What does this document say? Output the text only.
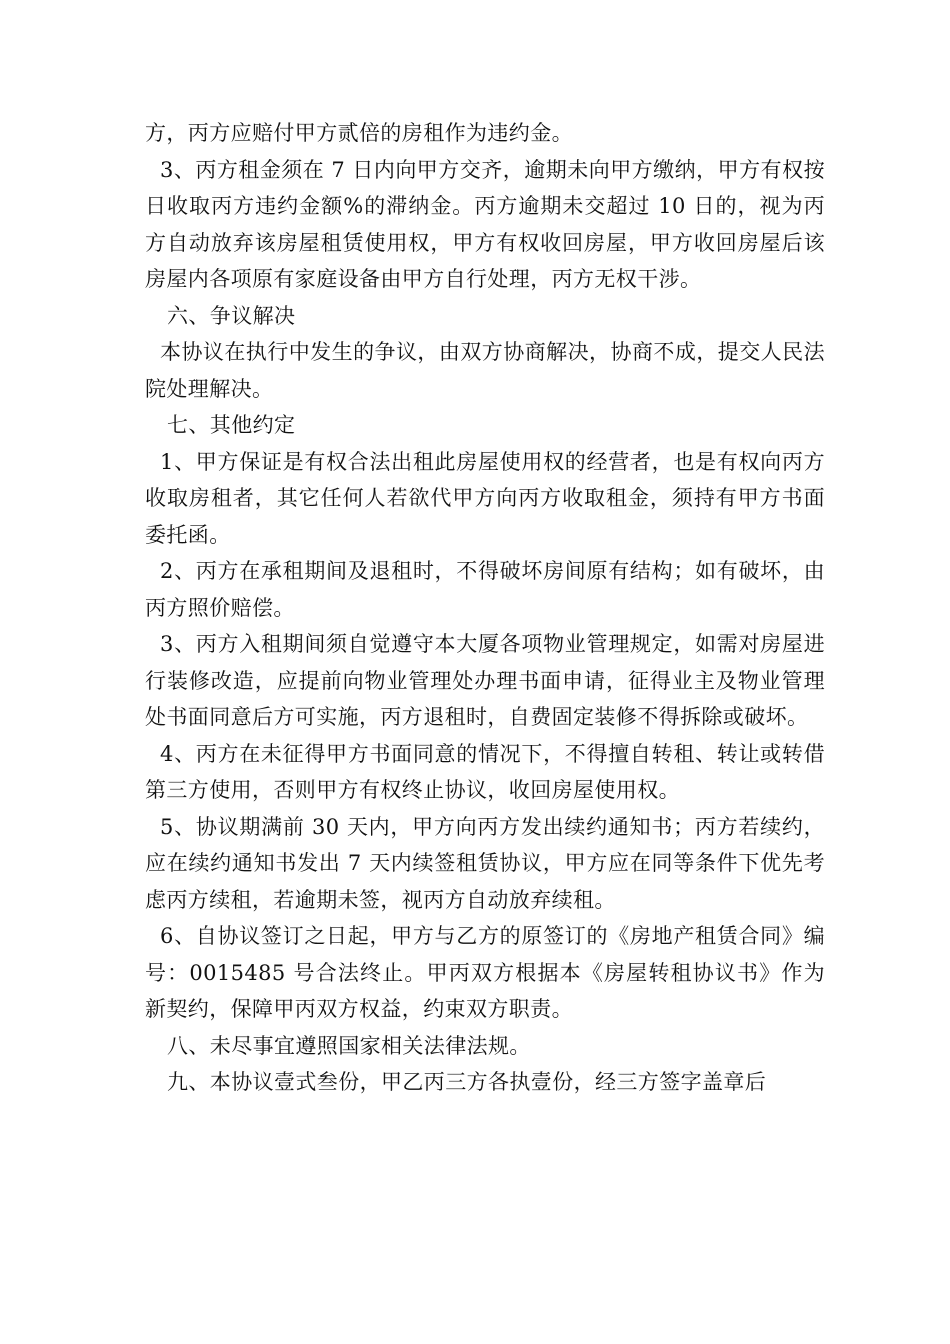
方，丙方应赔付甲方贰倍的房租作为违约金。

3、丙方租金须在 7 日内向甲方交齐，逾期未向甲方缴纳，甲方有权按日收取丙方违约金额%的滞纳金。丙方逾期未交超过 10 日的，视为丙方自动放弃该房屋租赁使用权，甲方有权收回房屋，甲方收回房屋后该房屋内各项原有家庭设备由甲方自行处理，丙方无权干涉。

六、争议解决

本协议在执行中发生的争议，由双方协商解决，协商不成，提交人民法院处理解决。

七、其他约定

1、甲方保证是有权合法出租此房屋使用权的经营者，也是有权向丙方收取房租者，其它任何人若欲代甲方向丙方收取租金，须持有甲方书面委托函。

2、丙方在承租期间及退租时，不得破坏房间原有结构；如有破坏，由丙方照价赔偿。

3、丙方入租期间须自觉遵守本大厦各项物业管理规定，如需对房屋进行装修改造，应提前向物业管理处办理书面申请，征得业主及物业管理处书面同意后方可实施，丙方退租时，自费固定装修不得拆除或破坏。

4、丙方在未征得甲方书面同意的情况下，不得擅自转租、转让或转借第三方使用，否则甲方有权终止协议，收回房屋使用权。

5、协议期满前 30 天内，甲方向丙方发出续约通知书；丙方若续约，应在续约通知书发出 7 天内续签租赁协议，甲方应在同等条件下优先考虑丙方续租，若逾期未签，视丙方自动放弃续租。

6、自协议签订之日起，甲方与乙方的原签订的《房地产租赁合同》编号：0015485 号合法终止。甲丙双方根据本《房屋转租协议书》作为新契约，保障甲丙双方权益，约束双方职责。

八、未尽事宜遵照国家相关法律法规。

九、本协议壹式叁份，甲乙丙三方各执壹份，经三方签字盖章后
